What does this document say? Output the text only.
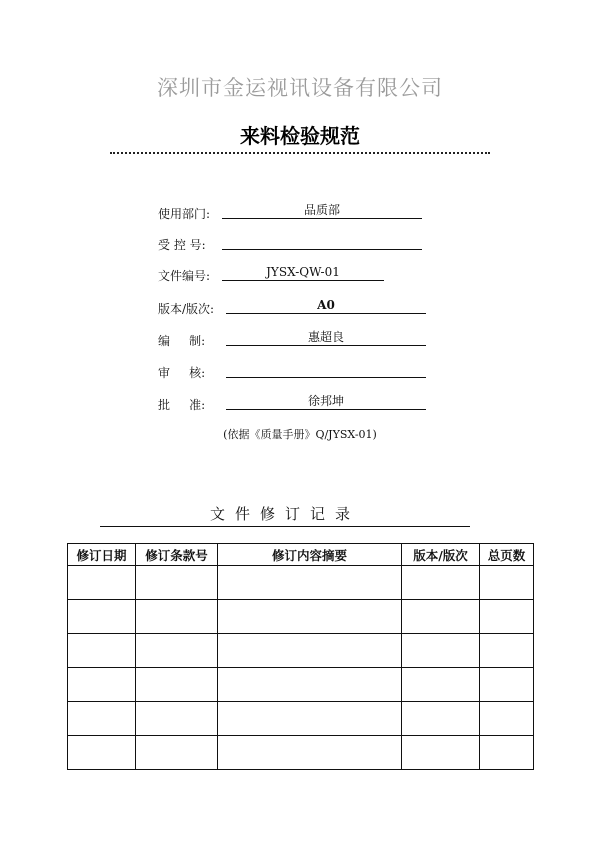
深圳市金运视讯设备有限公司
来料检验规范
使用部门:	品质部
受 控 号:
文件编号:	JYSX-QW-01
版本/版次:	A0
编     制:	惠超良
审     核:
批     准:	徐邦坤
(依据《质量手册》Q/JYSX-01)
文件修订记录
修订日期	修订条款号	修订内容摘要	版本/版次	总页数
